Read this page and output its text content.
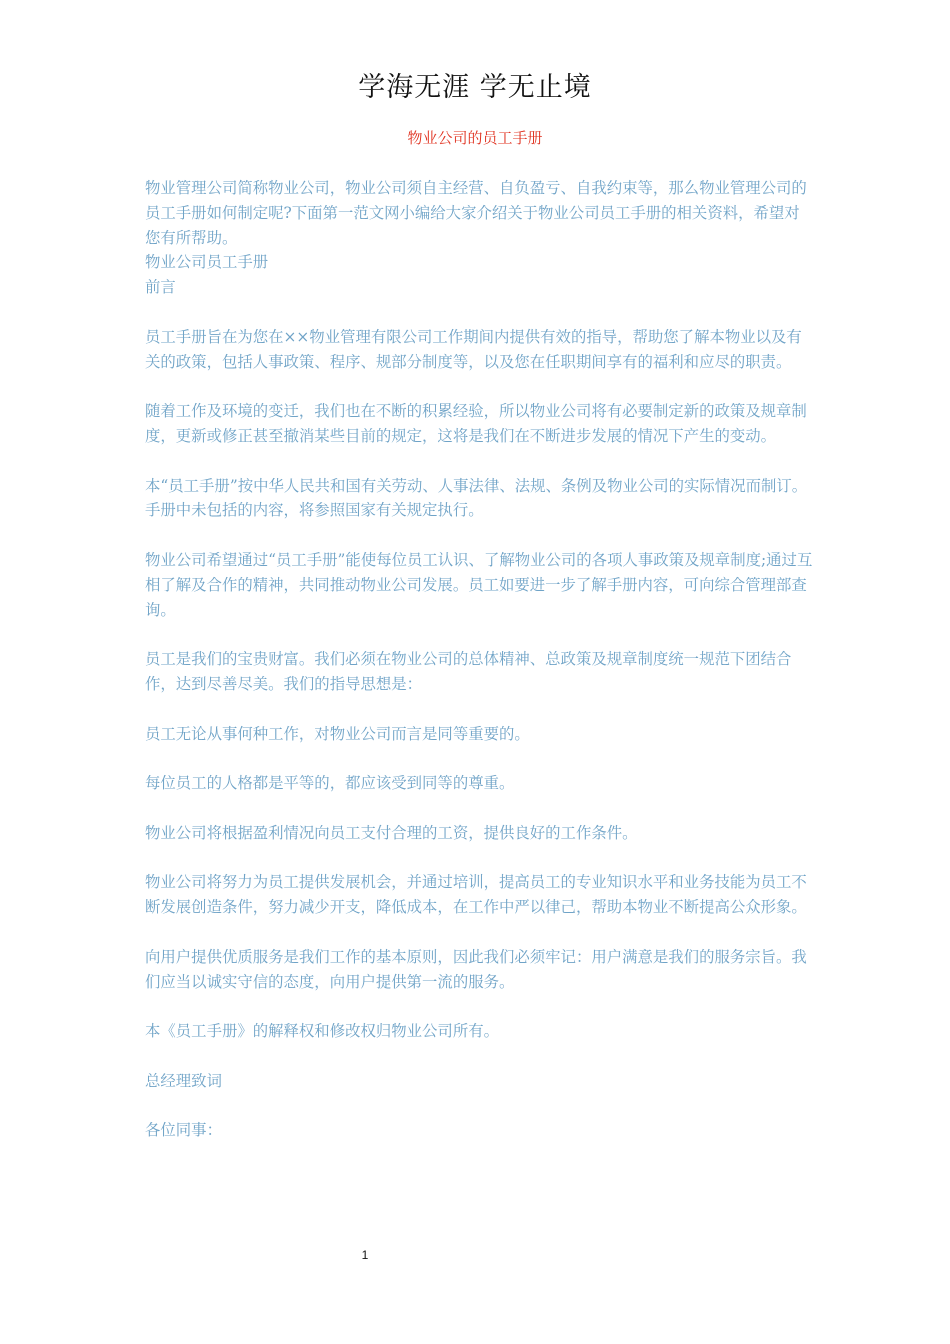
学海无涯 学无止境
物业公司的员工手册

物业管理公司简称物业公司，物业公司须自主经营、自负盈亏、自我约束等，那么物业管理公司的员工手册如何制定呢?下面第一范文网小编给大家介绍关于物业公司员工手册的相关资料，希望对您有所帮助。

物业公司员工手册

前言

员工手册旨在为您在××物业管理有限公司工作期间内提供有效的指导，帮助您了解本物业以及有关的政策，包括人事政策、程序、规部分制度等，以及您在任职期间享有的福利和应尽的职责。

随着工作及环境的变迁，我们也在不断的积累经验，所以物业公司将有必要制定新的政策及规章制度，更新或修正甚至撤消某些目前的规定，这将是我们在不断进步发展的情况下产生的变动。

本“员工手册”按中华人民共和国有关劳动、人事法律、法规、条例及物业公司的实际情况而制订。手册中未包括的内容，将参照国家有关规定执行。

物业公司希望通过“员工手册”能使每位员工认识、了解物业公司的各项人事政策及规章制度;通过互相了解及合作的精神，共同推动物业公司发展。员工如要进一步了解手册内容，可向综合管理部查询。

员工是我们的宝贵财富。我们必须在物业公司的总体精神、总政策及规章制度统一规范下团结合作，达到尽善尽美。我们的指导思想是：

员工无论从事何种工作，对物业公司而言是同等重要的。

每位员工的人格都是平等的，都应该受到同等的尊重。

物业公司将根据盈利情况向员工支付合理的工资，提供良好的工作条件。

物业公司将努力为员工提供发展机会，并通过培训，提高员工的专业知识水平和业务技能为员工不断发展创造条件，努力减少开支，降低成本，在工作中严以律己，帮助本物业不断提高公众形象。

向用户提供优质服务是我们工作的基本原则，因此我们必须牢记：用户满意是我们的服务宗旨。我们应当以诚实守信的态度，向用户提供第一流的服务。

本《员工手册》的解释权和修改权归物业公司所有。

总经理致词

各位同事：

1
